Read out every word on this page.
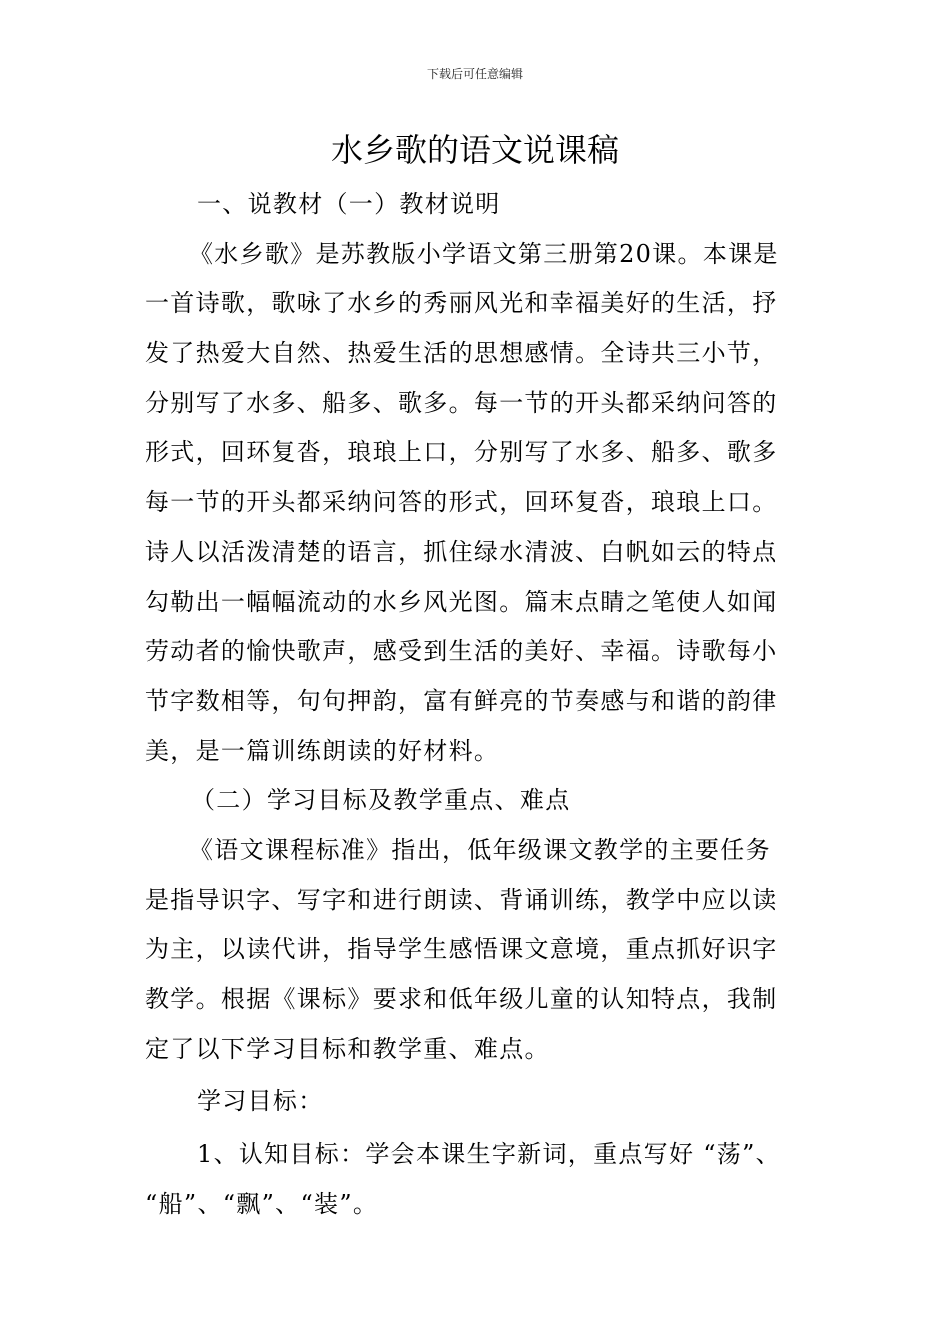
下载后可任意编辑
水乡歌的语文说课稿
一、说教材（一）教材说明
《水乡歌》是苏教版小学语文第三册第20课。本课是
一首诗歌，歌咏了水乡的秀丽风光和幸福美好的生活，抒
发了热爱大自然、热爱生活的思想感情。全诗共三小节，
分别写了水多、船多、歌多。每一节的开头都采纳问答的
形式，回环复沓，琅琅上口，分别写了水多、船多、歌多
每一节的开头都采纳问答的形式，回环复沓，琅琅上口。
诗人以活泼清楚的语言，抓住绿水清波、白帆如云的特点
勾勒出一幅幅流动的水乡风光图。篇末点睛之笔使人如闻
劳动者的愉快歌声，感受到生活的美好、幸福。诗歌每小
节字数相等，句句押韵，富有鲜亮的节奏感与和谐的韵律
美，是一篇训练朗读的好材料。
（二）学习目标及教学重点、难点
《语文课程标准》指出，低年级课文教学的主要任务
是指导识字、写字和进行朗读、背诵训练，教学中应以读
为主，以读代讲，指导学生感悟课文意境，重点抓好识字
教学。根据《课标》要求和低年级儿童的认知特点，我制
定了以下学习目标和教学重、难点。
学习目标：
1、认知目标：学会本课生字新词，重点写好 “荡”、
“船”、“飘”、“装”。
